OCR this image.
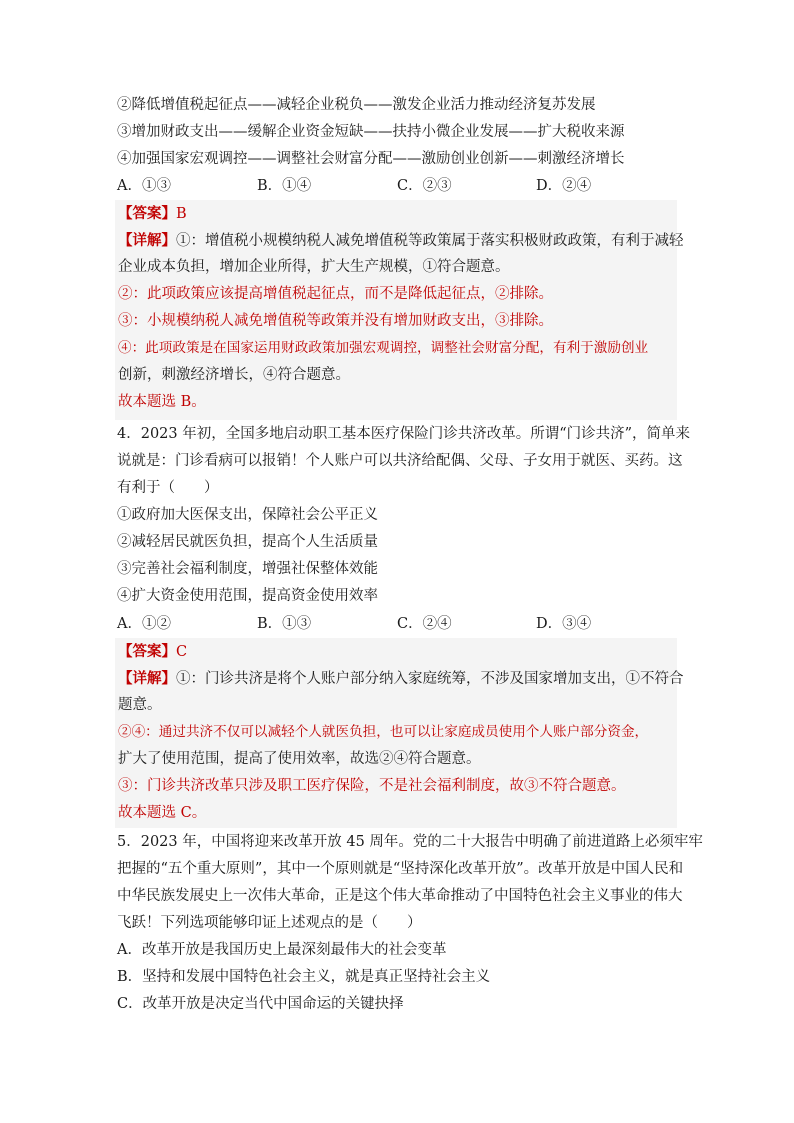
②降低增值税起征点——减轻企业税负——激发企业活力推动经济复苏发展
③增加财政支出——缓解企业资金短缺——扶持小微企业发展——扩大税收来源
④加强国家宏观调控——调整社会财富分配——激励创业创新——刺激经济增长
A．①③	B．①④	C．②③	D．②④
【答案】B
【详解】①：增值税小规模纳税人减免增值税等政策属于落实积极财政政策，有利于减轻
企业成本负担，增加企业所得，扩大生产规模，①符合题意。
②：此项政策应该提高增值税起征点，而不是降低起征点，②排除。
③：小规模纳税人减免增值税等政策并没有增加财政支出，③排除。
④：此项政策是在国家运用财政政策加强宏观调控，调整社会财富分配，有利于激励创业
创新，刺激经济增长，④符合题意。
故本题选 B。
4．2023 年初，全国多地启动职工基本医疗保险门诊共济改革。所谓“门诊共济”，简单来
说就是：门诊看病可以报销！个人账户可以共济给配偶、父母、子女用于就医、买药。这
有利于（　　）
①政府加大医保支出，保障社会公平正义
②减轻居民就医负担，提高个人生活质量
③完善社会福利制度，增强社保整体效能
④扩大资金使用范围，提高资金使用效率
A．①②	B．①③	C．②④	D．③④
【答案】C
【详解】①：门诊共济是将个人账户部分纳入家庭统筹，不涉及国家增加支出，①不符合
题意。
②④：通过共济不仅可以减轻个人就医负担，也可以让家庭成员使用个人账户部分资金，
扩大了使用范围，提高了使用效率，故选②④符合题意。
③：门诊共济改革只涉及职工医疗保险，不是社会福利制度，故③不符合题意。
故本题选 C。
5．2023 年，中国将迎来改革开放 45 周年。党的二十大报告中明确了前进道路上必须牢牢
把握的“五个重大原则”，其中一个原则就是“坚持深化改革开放”。改革开放是中国人民和
中华民族发展史上一次伟大革命，正是这个伟大革命推动了中国特色社会主义事业的伟大
飞跃！下列选项能够印证上述观点的是（　　）
A．改革开放是我国历史上最深刻最伟大的社会变革
B．坚持和发展中国特色社会主义，就是真正坚持社会主义
C．改革开放是决定当代中国命运的关键抉择
